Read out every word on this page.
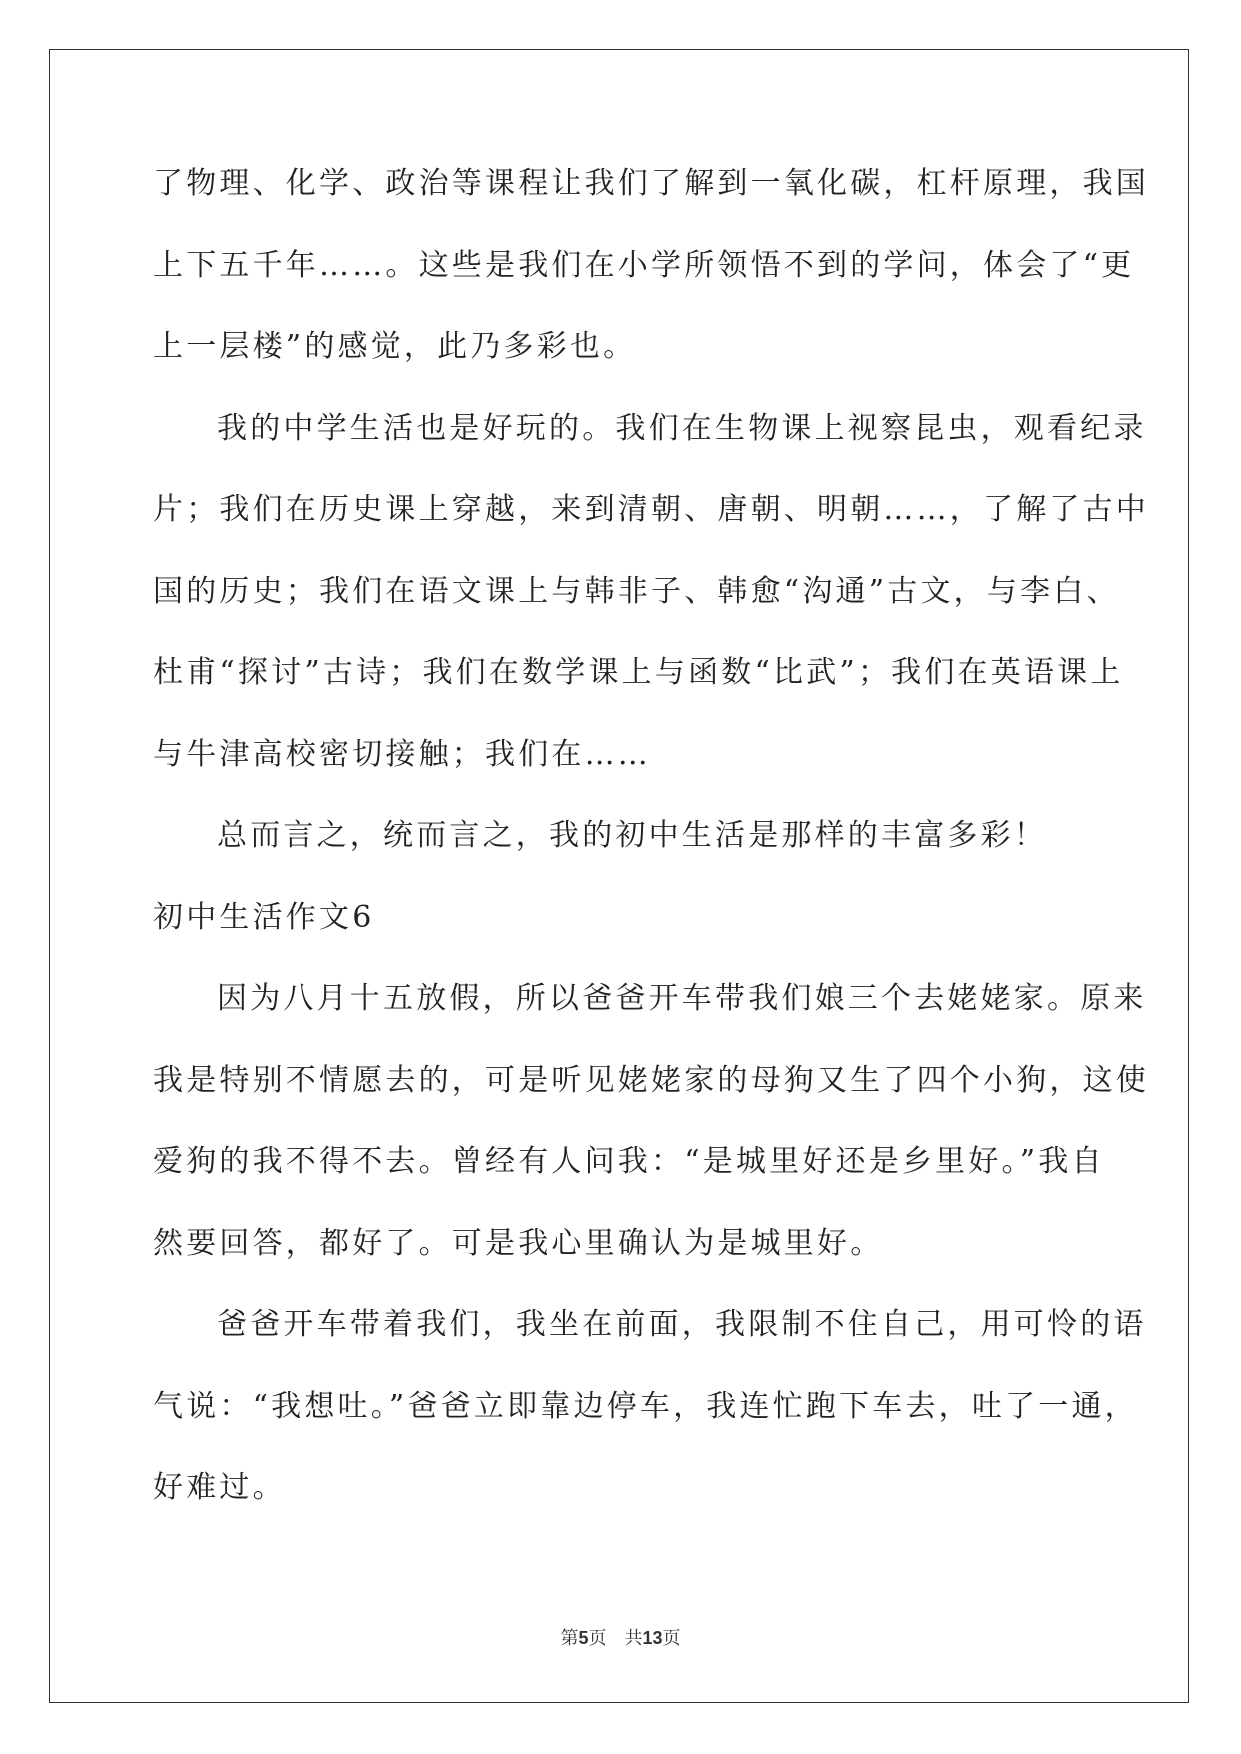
了物理、化学、政治等课程让我们了解到一氧化碳，杠杆原理，我国
上下五千年……。这些是我们在小学所领悟不到的学问，体会了“更
上一层楼”的感觉，此乃多彩也。
我的中学生活也是好玩的。我们在生物课上视察昆虫，观看纪录
片；我们在历史课上穿越，来到清朝、唐朝、明朝……，了解了古中
国的历史；我们在语文课上与韩非子、韩愈“沟通”古文，与李白、
杜甫“探讨”古诗；我们在数学课上与函数“比武”；我们在英语课上
与牛津高校密切接触；我们在……
总而言之，统而言之，我的初中生活是那样的丰富多彩！
初中生活作文6
因为八月十五放假，所以爸爸开车带我们娘三个去姥姥家。原来
我是特别不情愿去的，可是听见姥姥家的母狗又生了四个小狗，这使
爱狗的我不得不去。曾经有人问我：“是城里好还是乡里好。”我自
然要回答，都好了。可是我心里确认为是城里好。
爸爸开车带着我们，我坐在前面，我限制不住自己，用可怜的语
气说：“我想吐。”爸爸立即靠边停车，我连忙跑下车去，吐了一通，
好难过。
第5页　共13页
